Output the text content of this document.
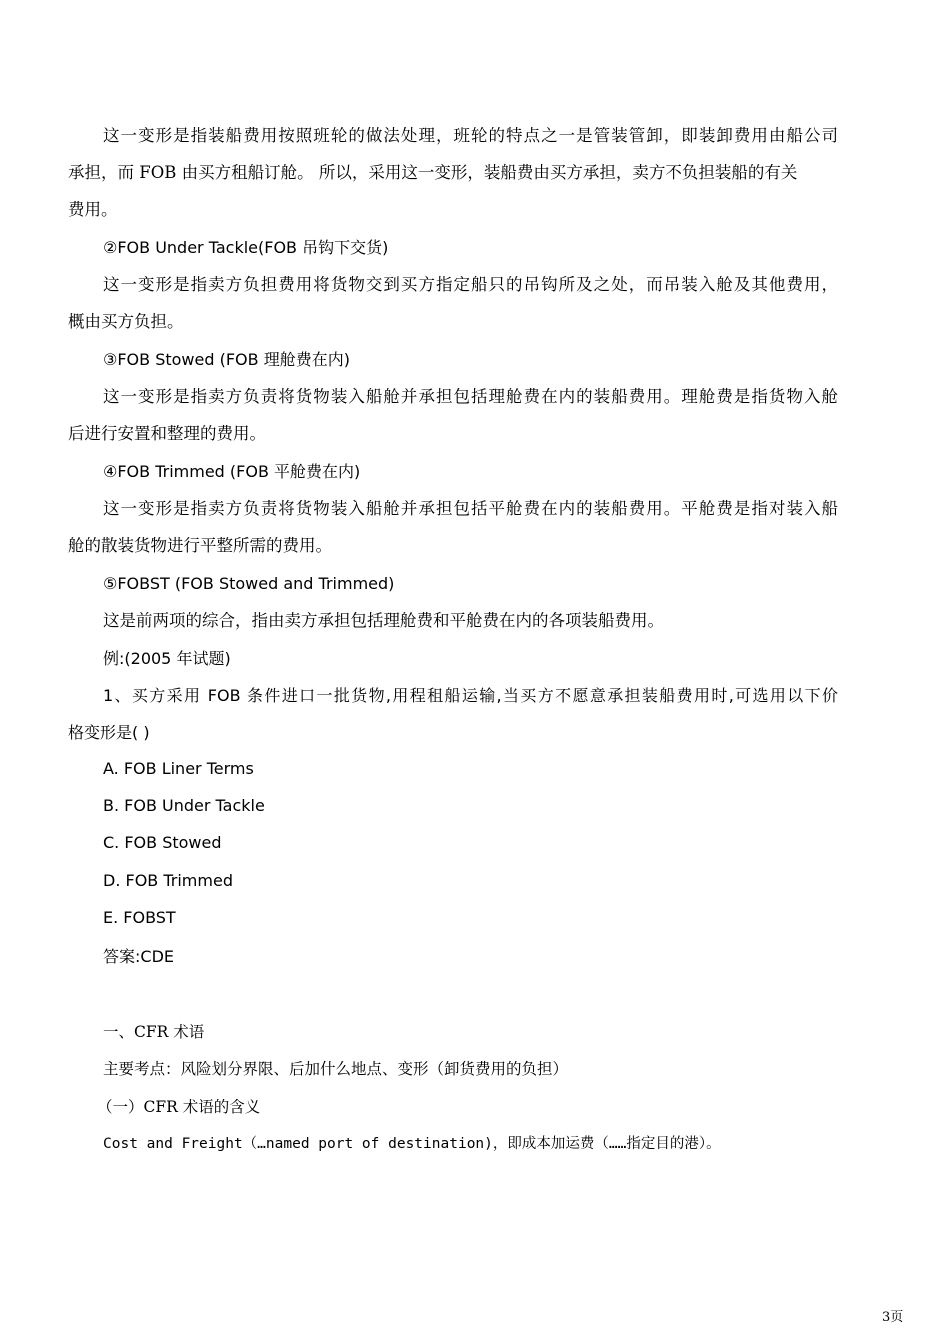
这一变形是指装船费用按照班轮的做法处理，班轮的特点之一是管装管卸，即装卸费用由船公司
承担，而 FOB 由买方租船订舱。 所以，采用这一变形，装船费由买方承担，卖方不负担装船的有关
费用。
②FOB Under Tackle(FOB 吊钩下交货)
这一变形是指卖方负担费用将货物交到买方指定船只的吊钩所及之处，而吊装入舱及其他费用，
概由买方负担。
③FOB Stowed (FOB 理舱费在内)
这一变形是指卖方负责将货物装入船舱并承担包括理舱费在内的装船费用。理舱费是指货物入舱
后进行安置和整理的费用。
④FOB Trimmed (FOB 平舱费在内)
这一变形是指卖方负责将货物装入船舱并承担包括平舱费在内的装船费用。平舱费是指对装入船
舱的散装货物进行平整所需的费用。
⑤FOBST (FOB Stowed and Trimmed)
这是前两项的综合，指由卖方承担包括理舱费和平舱费在内的各项装船费用。
例:(2005 年试题)
1、买方采用 FOB 条件进口一批货物,用程租船运输,当买方不愿意承担装船费用时,可选用以下价
格变形是( )
A. FOB Liner Terms
B. FOB Under Tackle
C. FOB Stowed
D. FOB Trimmed
E. FOBST
答案:CDE
一、CFR 术语
主要考点：风险划分界限、后加什么地点、变形（卸货费用的负担）
（一）CFR 术语的含义
Cost and Freight（…named port of destination)，即成本加运费（……指定目的港）。
3页
